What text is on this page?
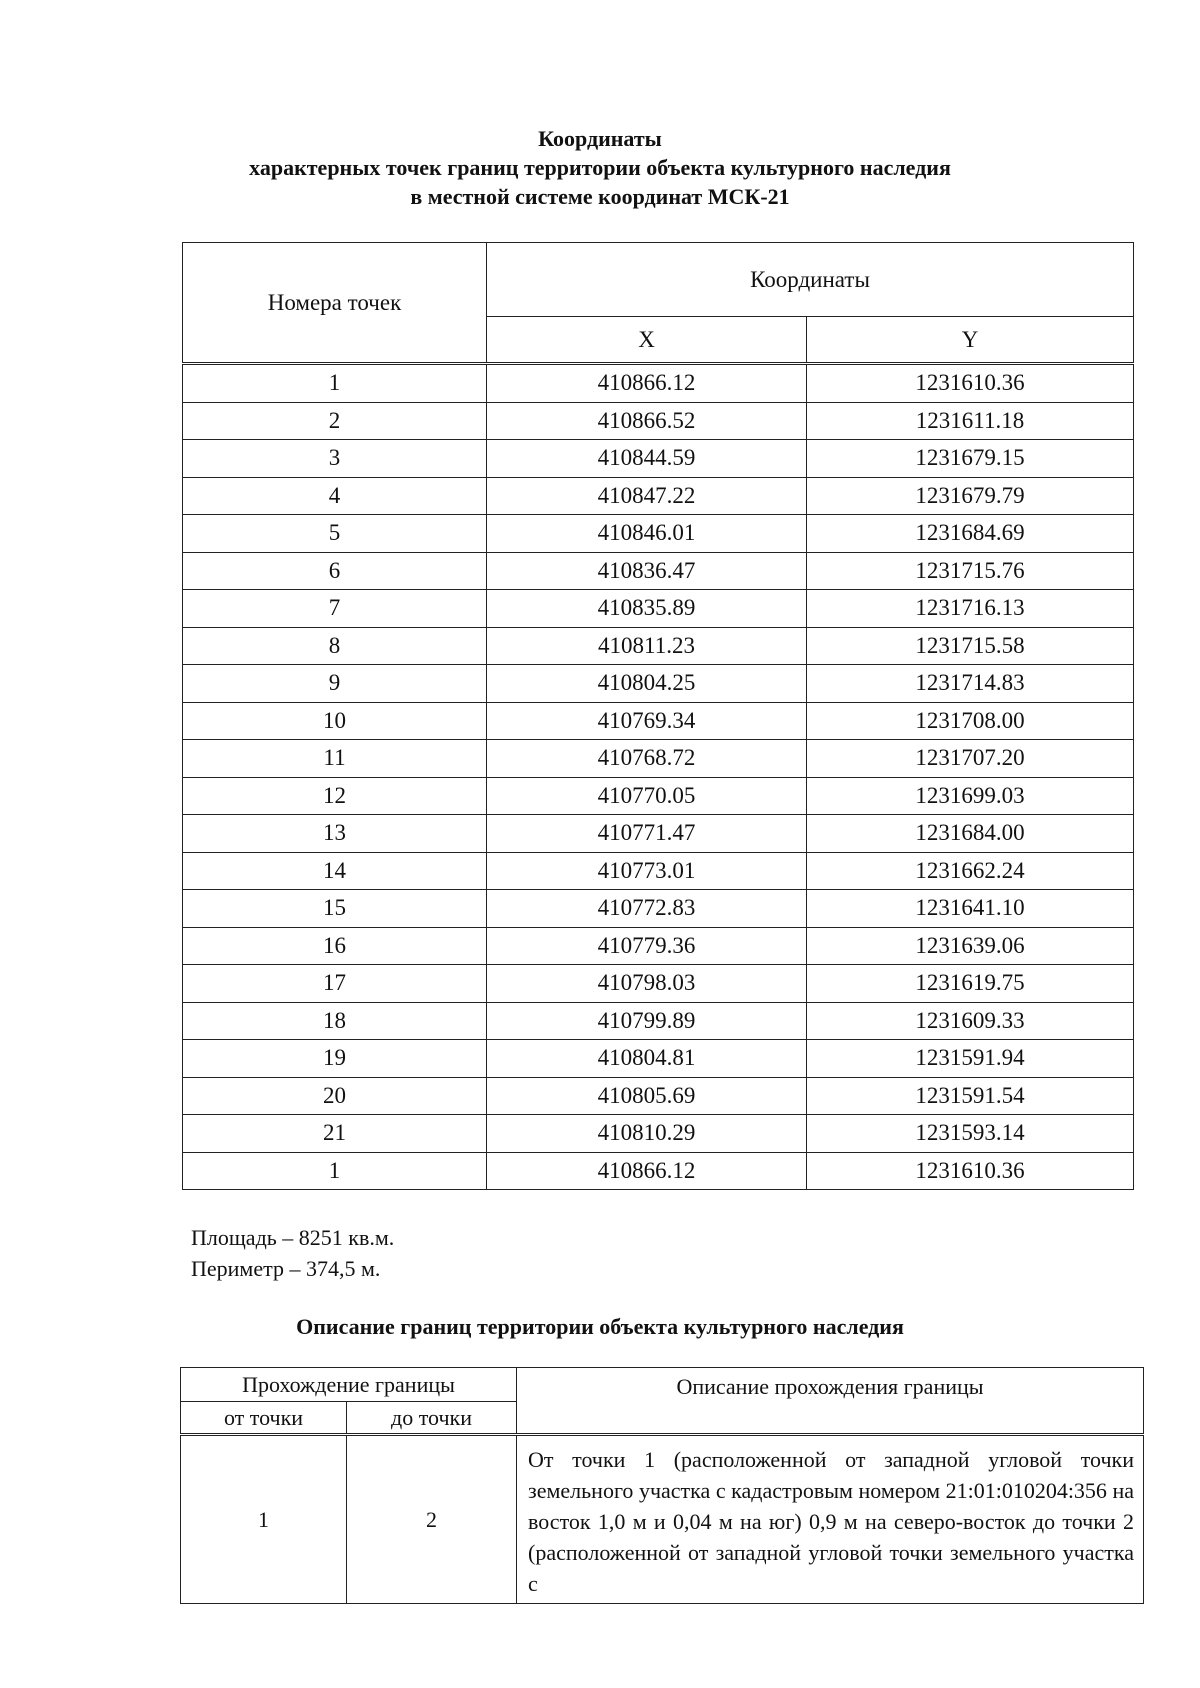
Координаты
характерных точек границ территории объекта культурного наследия
в местной системе координат МСК-21
Номера точек	Координаты	
	X	Y
1	410866.12	1231610.36
2	410866.52	1231611.18
3	410844.59	1231679.15
4	410847.22	1231679.79
5	410846.01	1231684.69
6	410836.47	1231715.76
7	410835.89	1231716.13
8	410811.23	1231715.58
9	410804.25	1231714.83
10	410769.34	1231708.00
11	410768.72	1231707.20
12	410770.05	1231699.03
13	410771.47	1231684.00
14	410773.01	1231662.24
15	410772.83	1231641.10
16	410779.36	1231639.06
17	410798.03	1231619.75
18	410799.89	1231609.33
19	410804.81	1231591.94
20	410805.69	1231591.54
21	410810.29	1231593.14
1	410866.12	1231610.36
Площадь – 8251 кв.м.
Периметр – 374,5 м.
Описание границ территории объекта культурного наследия
Прохождение границы		Описание прохождения границы
от точки	до точки	
1	2	От точки 1 (расположенной от западной угловой точки земельного участка с кадастровым номером 21:01:010204:356 на восток 1,0 м и 0,04 м на юг) 0,9 м на северо-восток до точки 2 (расположенной от западной угловой точки земельного участка с
